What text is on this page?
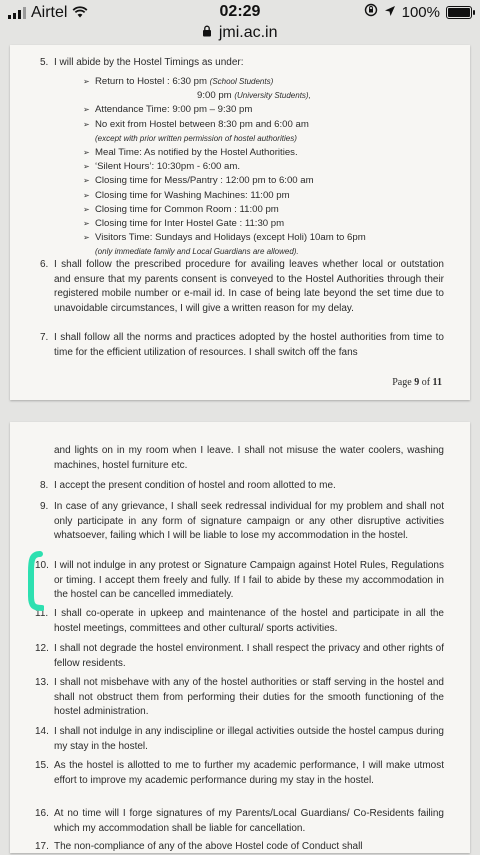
Airtel	02:29	100%
jmi.ac.in
5. I will abide by the Hostel Timings as under:

➢ Return to Hostel : 6:30 pm (School Students)
9:00 pm (University Students),
➢ Attendance Time: 9:00 pm – 9:30 pm
➢ No exit from Hostel between 8:30 pm and 6:00 am
(except with prior written permission of hostel authorities)
➢ Meal Time: As notified by the Hostel Authorities.
➢ ‘Silent Hours’: 10:30pm - 6:00 am.
➢ Closing time for Mess/Pantry : 12:00 pm to 6:00 am
➢ Closing time for Washing Machines: 11:00 pm
➢ Closing time for Common Room : 11:00 pm
➢ Closing time for Inter Hostel Gate : 11:30 pm
➢ Visitors Time: Sundays and Holidays (except Holi) 10am to 6pm
(only immediate family and Local Guardians are allowed).
6. I shall follow the prescribed procedure for availing leaves whether local or outstation and ensure that my parents consent is conveyed to the Hostel Authorities through their registered mobile number or e-mail id. In case of being late beyond the set time due to unavoidable circumstances, I will give a written reason for my delay.

7. I shall follow all the norms and practices adopted by the hostel authorities from time to time for the efficient utilization of resources. I shall switch off the fans

Page 9 of 11

and lights on in my room when I leave. I shall not misuse the water coolers, washing machines, hostel furniture etc.

8. I accept the present condition of hostel and room allotted to me.

9. In case of any grievance, I shall seek redressal individual for my problem and shall not only participate in any form of signature campaign or any other disruptive activities whatsoever, failing which I will be liable to lose my accommodation in the hostel.

10. I will not indulge in any protest or Signature Campaign against Hotel Rules, Regulations or timing. I accept them freely and fully. If I fail to abide by these my accommodation in the hostel can be cancelled immediately.

11. I shall co-operate in upkeep and maintenance of the hostel and participate in all the hostel meetings, committees and other cultural/ sports activities.

12. I shall not degrade the hostel environment. I shall respect the privacy and other rights of fellow residents.

13. I shall not misbehave with any of the hostel authorities or staff serving in the hostel and shall not obstruct them from performing their duties for the smooth functioning of the hostel administration.

14. I shall not indulge in any indiscipline or illegal activities outside the hostel campus during my stay in the hostel.

15. As the hostel is allotted to me to further my academic performance, I will make utmost effort to improve my academic performance during my stay in the hostel.

16. At no time will I forge signatures of my Parents/Local Guardians/ Co-Residents failing which my accommodation shall be liable for cancellation.

17. The non-compliance of any of the above Hostel code of Conduct shall
